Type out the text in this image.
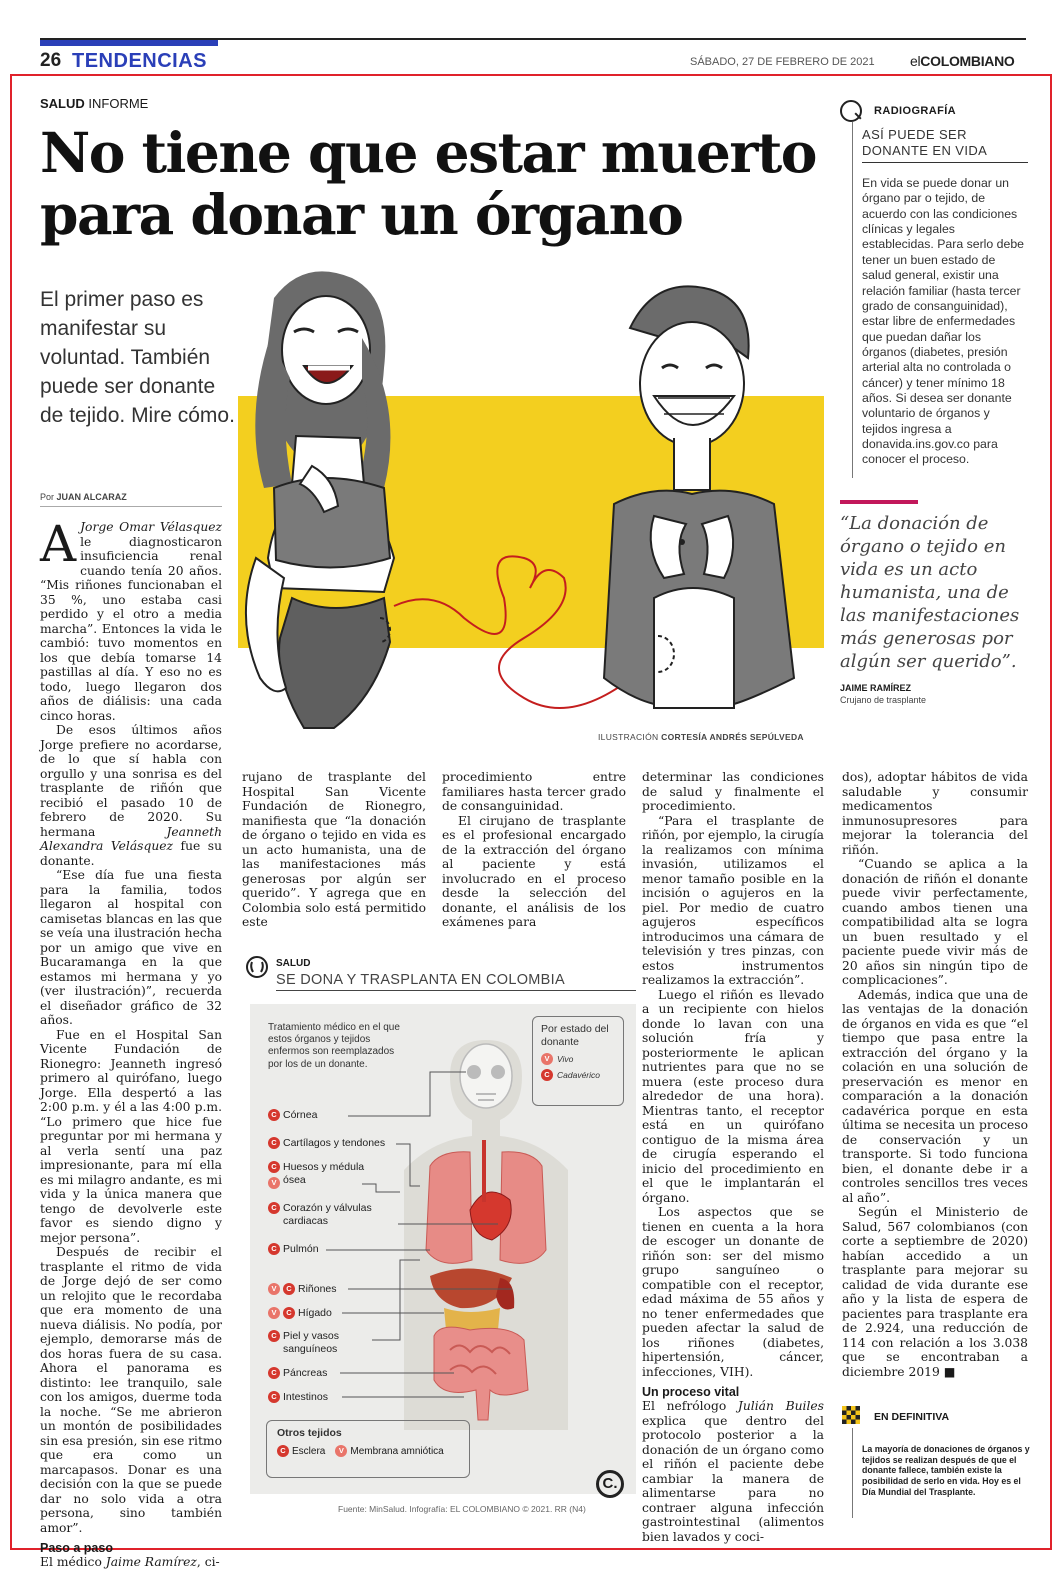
26 TENDENCIAS	SÁBADO, 27 DE FEBRERO DE 2021	elCOLOMBIANO
SALUD INFORME
No tiene que estar muerto para donar un órgano
El primer paso es manifestar su voluntad. También puede ser donante de tejido. Mire cómo.
Por JUAN ALCARAZ
ILUSTRACIÓN CORTESÍA ANDRÉS SEPÚLVEDA

A Jorge Omar Vélasquez le diagnosticaron insuficiencia renal cuando tenía 20 años. “Mis riñones funcionaban el 35 %, uno estaba casi perdido y el otro a media marcha”. Entonces la vida le cambió: tuvo momentos en los que debía tomarse 14 pastillas al día. Y eso no es todo, luego llegaron dos años de diálisis: una cada cinco horas.

De esos últimos años Jorge prefiere no acordarse, de lo que sí habla con orgullo y una sonrisa es del trasplante de riñón que recibió el pasado 10 de febrero de 2020. Su hermana Jeanneth Alexandra Velásquez fue su donante.

“Ese día fue una fiesta para la familia, todos llegaron al hospital con camisetas blancas en las que se veía una ilustración hecha por un amigo que vive en Bucaramanga en la que estamos mi hermana y yo (ver ilustración)”, recuerda el diseñador gráfico de 32 años.

Fue en el Hospital San Vicente Fundación de Rionegro: Jeanneth ingresó primero al quirófano, luego Jorge. Ella despertó a las 2:00 p.m. y él a las 4:00 p.m. “Lo primero que hice fue preguntar por mi hermana y al verla sentí una paz impresionante, para mí ella es mi milagro andante, es mi vida y la única manera que tengo de devolverle este favor es siendo digno y mejor persona”.

Después de recibir el trasplante el ritmo de vida de Jorge dejó de ser como un relojito que le recordaba que era momento de una nueva diálisis. No podía, por ejemplo, demorarse más de dos horas fuera de su casa. Ahora el panorama es distinto: lee tranquilo, sale con los amigos, duerme toda la noche. “Se me abrieron un montón de posibilidades sin esa presión, sin ese ritmo que era como un marcapasos. Donar es una decisión con la que se puede dar no solo vida a otra persona, sino también amor”.

Paso a paso

El médico Jaime Ramírez, ci-

rujano de trasplante del Hospital San Vicente Fundación de Rionegro, manifiesta que “la donación de órgano o tejido en vida es un acto humanista, una de las manifestaciones más generosas por algún ser querido”. Y agrega que en Colombia solo está permitido este

procedimiento entre familiares hasta tercer grado de consanguinidad.

El cirujano de trasplante es el profesional encargado de la extracción del órgano al paciente y está involucrado en el proceso desde la selección del donante, el análisis de los exámenes para

determinar las condiciones de salud y finalmente el procedimiento.

“Para el trasplante de riñón, por ejemplo, la cirugía la realizamos con mínima invasión, utilizamos el menor tamaño posible en la incisión o agujeros en la piel. Por medio de cuatro agujeros específicos introducimos una cámara de televisión y tres pinzas, con estos instrumentos realizamos la extracción”.

Luego el riñón es llevado a un recipiente con hielos donde lo lavan con una solución fría y posteriormente le aplican nutrientes para que no se muera (este proceso dura alrededor de una hora). Mientras tanto, el receptor está en un quirófano contiguo de la misma área de cirugía esperando el inicio del procedimiento en el que le implantarán el órgano.

Los aspectos que se tienen en cuenta a la hora de escoger un donante de riñón son: ser del mismo grupo sanguíneo o compatible con el receptor, edad máxima de 55 años y no tener enfermedades que pueden afectar la salud de los riñones (diabetes, hipertensión, cáncer, infecciones, VIH).

Un proceso vital

El nefrólogo Julián Builes explica que dentro del protocolo posterior a la donación de un órgano como el riñón el paciente debe cambiar la manera de alimentarse para no contraer alguna infección gastrointestinal (alimentos bien lavados y coci-

dos), adoptar hábitos de vida saludable y consumir medicamentos inmunosupresores para mejorar la tolerancia del riñón.

“Cuando se aplica a la donación de riñón el donante puede vivir perfectamente, cuando ambos tienen una compatibilidad alta se logra un buen resultado y el paciente puede vivir más de 20 años sin ningún tipo de complicaciones”.

Además, indica que una de las ventajas de la donación de órganos en vida es que “el tiempo que pasa entre la extracción del órgano y la colación en una solución de preservación es menor en comparación a la donación cadavérica porque en esta última se necesita un proceso de conservación y un transporte. Si todo funciona bien, el donante debe ir a controles sencillos tres veces al año”.

Según el Ministerio de Salud, 567 colombianos (con corte a septiembre de 2020) habían accedido a un trasplante para mejorar su calidad de vida durante ese año y la lista de espera de pacientes para trasplante era de 2.924, una reducción de 114 con relación a los 3.038 que se encontraban a diciembre 2019 ■

RADIOGRAFÍA
ASÍ PUEDE SER DONANTE EN VIDA
En vida se puede donar un órgano par o tejido, de acuerdo con las condiciones clínicas y legales establecidas. Para serlo debe tener un buen estado de salud general, existir una relación familiar (hasta tercer grado de consanguinidad), estar libre de enfermedades que puedan dañar los órganos (diabetes, presión arterial alta no controlada o cáncer) y tener mínimo 18 años. Si desea ser donante voluntario de órganos y tejidos ingresa a donavida.ins.gov.co para conocer el proceso.
“La donación de órgano o tejido en vida es un acto humanista, una de las manifestaciones más generosas por algún ser querido”.
JAIME RAMÍREZ
Crujano de trasplante
SALUD
SE DONA Y TRASPLANTA EN COLOMBIA
Tratamiento médico en el que estos órganos y tejidos enfermos son reemplazados por los de un donante.
Por estado del donante
V Vivo
C Cadavérico
C Córnea
C Cartílagos y tendones
C
V
Huesos y médula ósea
C Corazón y válvulas cardiacas
C Pulmón
V	C Riñones
V	C Hígado
C Piel y vasos sanguíneos
C Páncreas
C Intestinos
Otros tejidos
C Esclera	V Membrana amniótica
C.
Fuente: MinSalud. Infografía: EL COLOMBIANO © 2021. RR (N4)
EN DEFINITIVA
La mayoría de donaciones de órganos y tejidos se realizan después de que el donante fallece, también existe la posibilidad de serlo en vida. Hoy es el Día Mundial del Trasplante.
